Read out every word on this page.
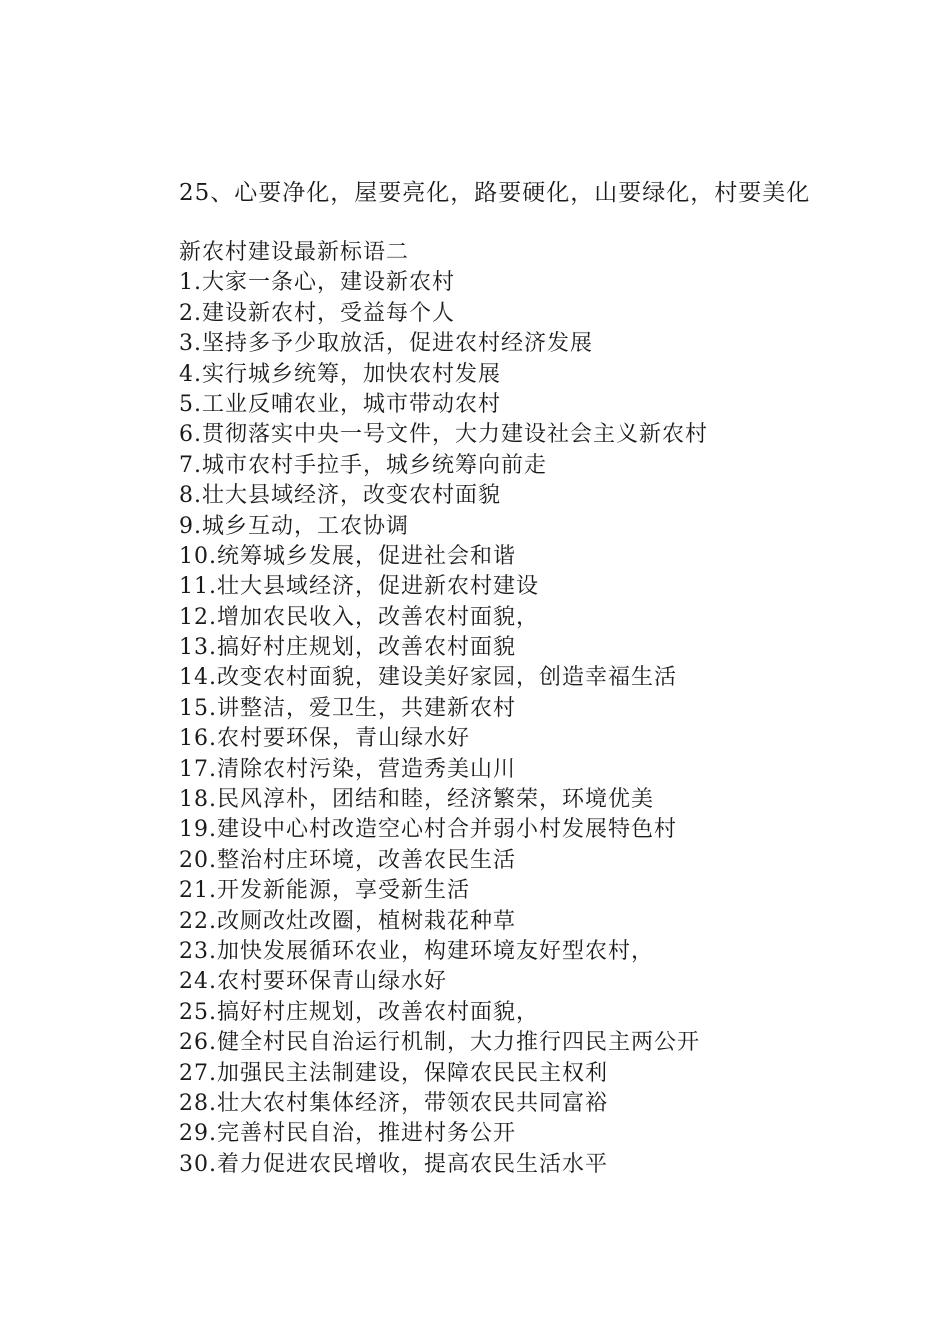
25、心要净化，屋要亮化，路要硬化，山要绿化，村要美化

新农村建设最新标语二
1.大家一条心，建设新农村
2.建设新农村，受益每个人
3.坚持多予少取放活，促进农村经济发展
4.实行城乡统筹，加快农村发展
5.工业反哺农业，城市带动农村
6.贯彻落实中央一号文件，大力建设社会主义新农村
7.城市农村手拉手，城乡统筹向前走
8.壮大县域经济，改变农村面貌
9.城乡互动，工农协调
10.统筹城乡发展，促进社会和谐
11.壮大县域经济，促进新农村建设
12.增加农民收入，改善农村面貌，
13.搞好村庄规划，改善农村面貌
14.改变农村面貌，建设美好家园，创造幸福生活
15.讲整洁，爱卫生，共建新农村
16.农村要环保，青山绿水好
17.清除农村污染，营造秀美山川
18.民风淳朴，团结和睦，经济繁荣，环境优美
19.建设中心村改造空心村合并弱小村发展特色村
20.整治村庄环境，改善农民生活
21.开发新能源，享受新生活
22.改厕改灶改圈，植树栽花种草
23.加快发展循环农业，构建环境友好型农村，
24.农村要环保青山绿水好
25.搞好村庄规划，改善农村面貌，
26.健全村民自治运行机制，大力推行四民主两公开
27.加强民主法制建设，保障农民民主权利
28.壮大农村集体经济，带领农民共同富裕
29.完善村民自治，推进村务公开
30.着力促进农民增收，提高农民生活水平
